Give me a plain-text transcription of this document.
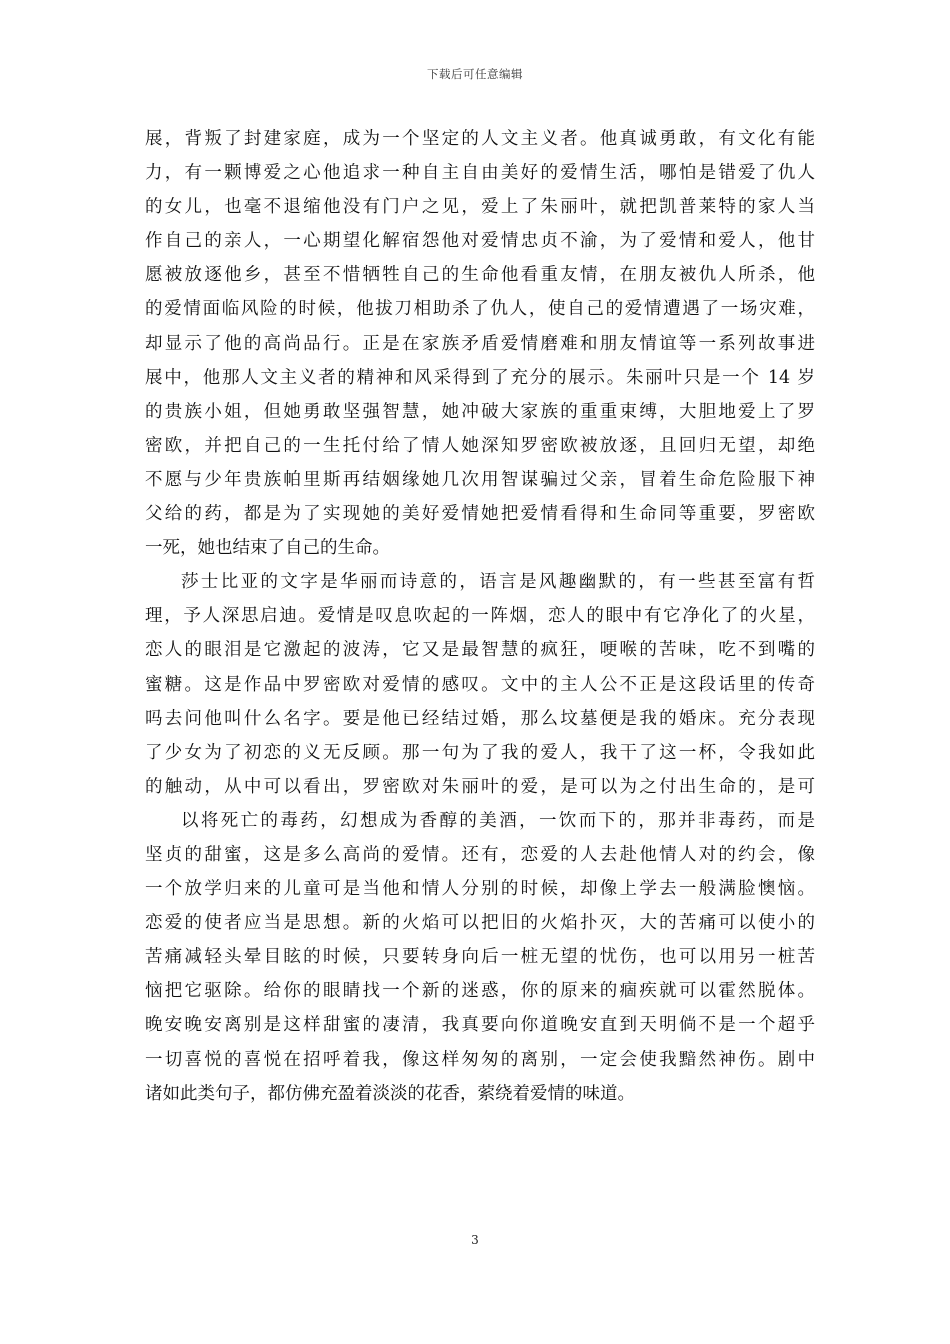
下载后可任意编辑
展，背叛了封建家庭，成为一个坚定的人文主义者。他真诚勇敢，有文化有能
力，有一颗博爱之心他追求一种自主自由美好的爱情生活，哪怕是错爱了仇人
的女儿，也毫不退缩他没有门户之见，爱上了朱丽叶，就把凯普莱特的家人当
作自己的亲人，一心期望化解宿怨他对爱情忠贞不渝，为了爱情和爱人，他甘
愿被放逐他乡，甚至不惜牺牲自己的生命他看重友情，在朋友被仇人所杀，他
的爱情面临风险的时候，他拔刀相助杀了仇人，使自己的爱情遭遇了一场灾难，
却显示了他的高尚品行。正是在家族矛盾爱情磨难和朋友情谊等一系列故事进
展中，他那人文主义者的精神和风采得到了充分的展示。朱丽叶只是一个 14 岁
的贵族小姐，但她勇敢坚强智慧，她冲破大家族的重重束缚，大胆地爱上了罗
密欧，并把自己的一生托付给了情人她深知罗密欧被放逐，且回归无望，却绝
不愿与少年贵族帕里斯再结姻缘她几次用智谋骗过父亲，冒着生命危险服下神
父给的药，都是为了实现她的美好爱情她把爱情看得和生命同等重要，罗密欧
一死，她也结束了自己的生命。
莎士比亚的文字是华丽而诗意的，语言是风趣幽默的，有一些甚至富有哲
理，予人深思启迪。爱情是叹息吹起的一阵烟，恋人的眼中有它净化了的火星，
恋人的眼泪是它激起的波涛，它又是最智慧的疯狂，哽喉的苦味，吃不到嘴的
蜜糖。这是作品中罗密欧对爱情的感叹。文中的主人公不正是这段话里的传奇
吗去问他叫什么名字。要是他已经结过婚，那么坟墓便是我的婚床。充分表现
了少女为了初恋的义无反顾。那一句为了我的爱人，我干了这一杯，令我如此
的触动，从中可以看出，罗密欧对朱丽叶的爱，是可以为之付出生命的，是可
以将死亡的毒药，幻想成为香醇的美酒，一饮而下的，那并非毒药，而是
坚贞的甜蜜，这是多么高尚的爱情。还有，恋爱的人去赴他情人对的约会，像
一个放学归来的儿童可是当他和情人分别的时候，却像上学去一般满脸懊恼。
恋爱的使者应当是思想。新的火焰可以把旧的火焰扑灭，大的苦痛可以使小的
苦痛减轻头晕目眩的时候，只要转身向后一桩无望的忧伤，也可以用另一桩苦
恼把它驱除。给你的眼睛找一个新的迷惑，你的原来的痼疾就可以霍然脱体。
晚安晚安离别是这样甜蜜的凄清，我真要向你道晚安直到天明倘不是一个超乎
一切喜悦的喜悦在招呼着我，像这样匆匆的离别，一定会使我黯然神伤。剧中
诸如此类句子，都仿佛充盈着淡淡的花香，萦绕着爱情的味道。
3
